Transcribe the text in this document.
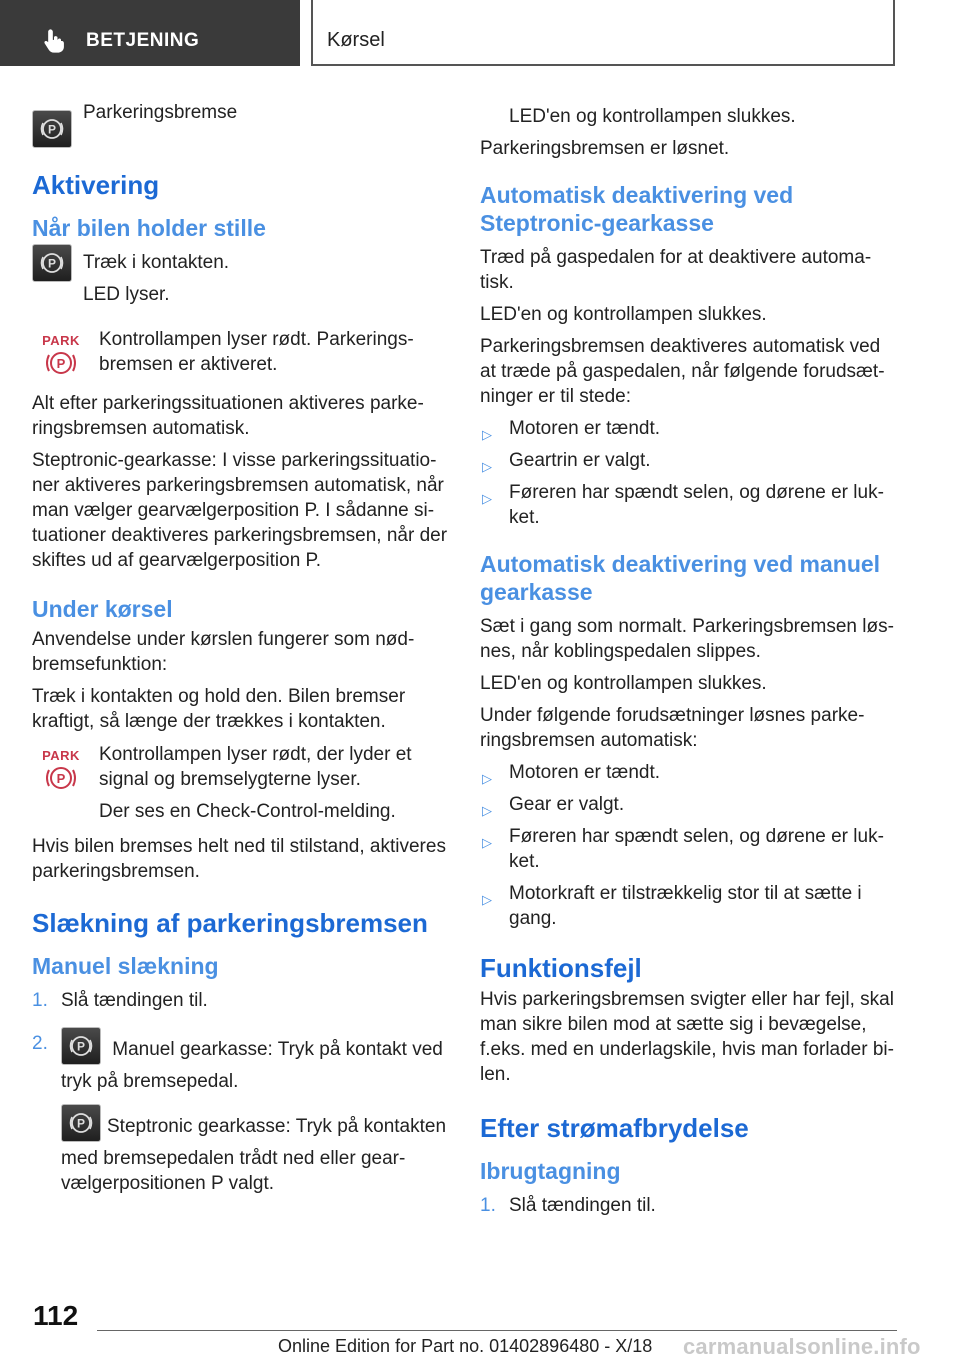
BETJENING	Kørsel
P

Parkeringsbremse

Aktivering
Når bilen holder stille
P Træk i kontakten.

LED lyser.

PARK
P

Kontrollampen lyser rødt. Parkeringsbremsen er aktiveret.

Alt efter parkeringssituationen aktiveres parkeringsbremsen automatisk.

Steptronic-gearkasse: I visse parkeringssituationer aktiveres parkeringsbremsen automatisk, når man vælger gearvælgerposition P. I sådanne situationer deaktiveres parkeringsbremsen, når der skiftes ud af gearvælgerposition P.

Under kørsel

Anvendelse under kørslen fungerer som nødbremsefunktion:

Træk i kontakten og hold den. Bilen bremser kraftigt, så længe der trækkes i kontakten.

PARK
P

Kontrollampen lyser rødt, der lyder et signal og bremselygterne lyser.

Der ses en Check-Control-melding.

Hvis bilen bremses helt ned til stilstand, aktiveres parkeringsbremsen.

Slækning af parkeringsbremsen
Manuel slækning
1. Slå tændingen til.
2. P Manuel gearkasse: Tryk på kontakt ved tryk på bremsepedal.

P Steptronic gearkasse: Tryk på kontakten med bremsepedalen trådt ned eller gearvælgerpositionen P valgt.

LED'en og kontrollampen slukkes.

Parkeringsbremsen er løsnet.

Automatisk deaktivering ved Steptronic-gearkasse

Træd på gaspedalen for at deaktivere automatisk.

LED'en og kontrollampen slukkes.

Parkeringsbremsen deaktiveres automatisk ved at træde på gaspedalen, når følgende forudsætninger er til stede:

▷ Motoren er tændt.
▷ Geartrin er valgt.
▷ Føreren har spændt selen, og dørene er lukket.
Automatisk deaktivering ved manuel gearkasse

Sæt i gang som normalt. Parkeringsbremsen løsnes, når koblingspedalen slippes.

LED'en og kontrollampen slukkes.

Under følgende forudsætninger løsnes parkeringsbremsen automatisk:

▷ Motoren er tændt.
▷ Gear er valgt.
▷ Føreren har spændt selen, og dørene er lukket.
▷ Motorkraft er tilstrækkelig stor til at sætte i gang.
Funktionsfejl

Hvis parkeringsbremsen svigter eller har fejl, skal man sikre bilen mod at sætte sig i bevægelse, f.eks. med en underlagskile, hvis man forlader bilen.

Efter strømafbrydelse
Ibrugtagning
1. Slå tændingen til.
112
Online Edition for Part no. 01402896480 - X/18 carmanualsonline.info
